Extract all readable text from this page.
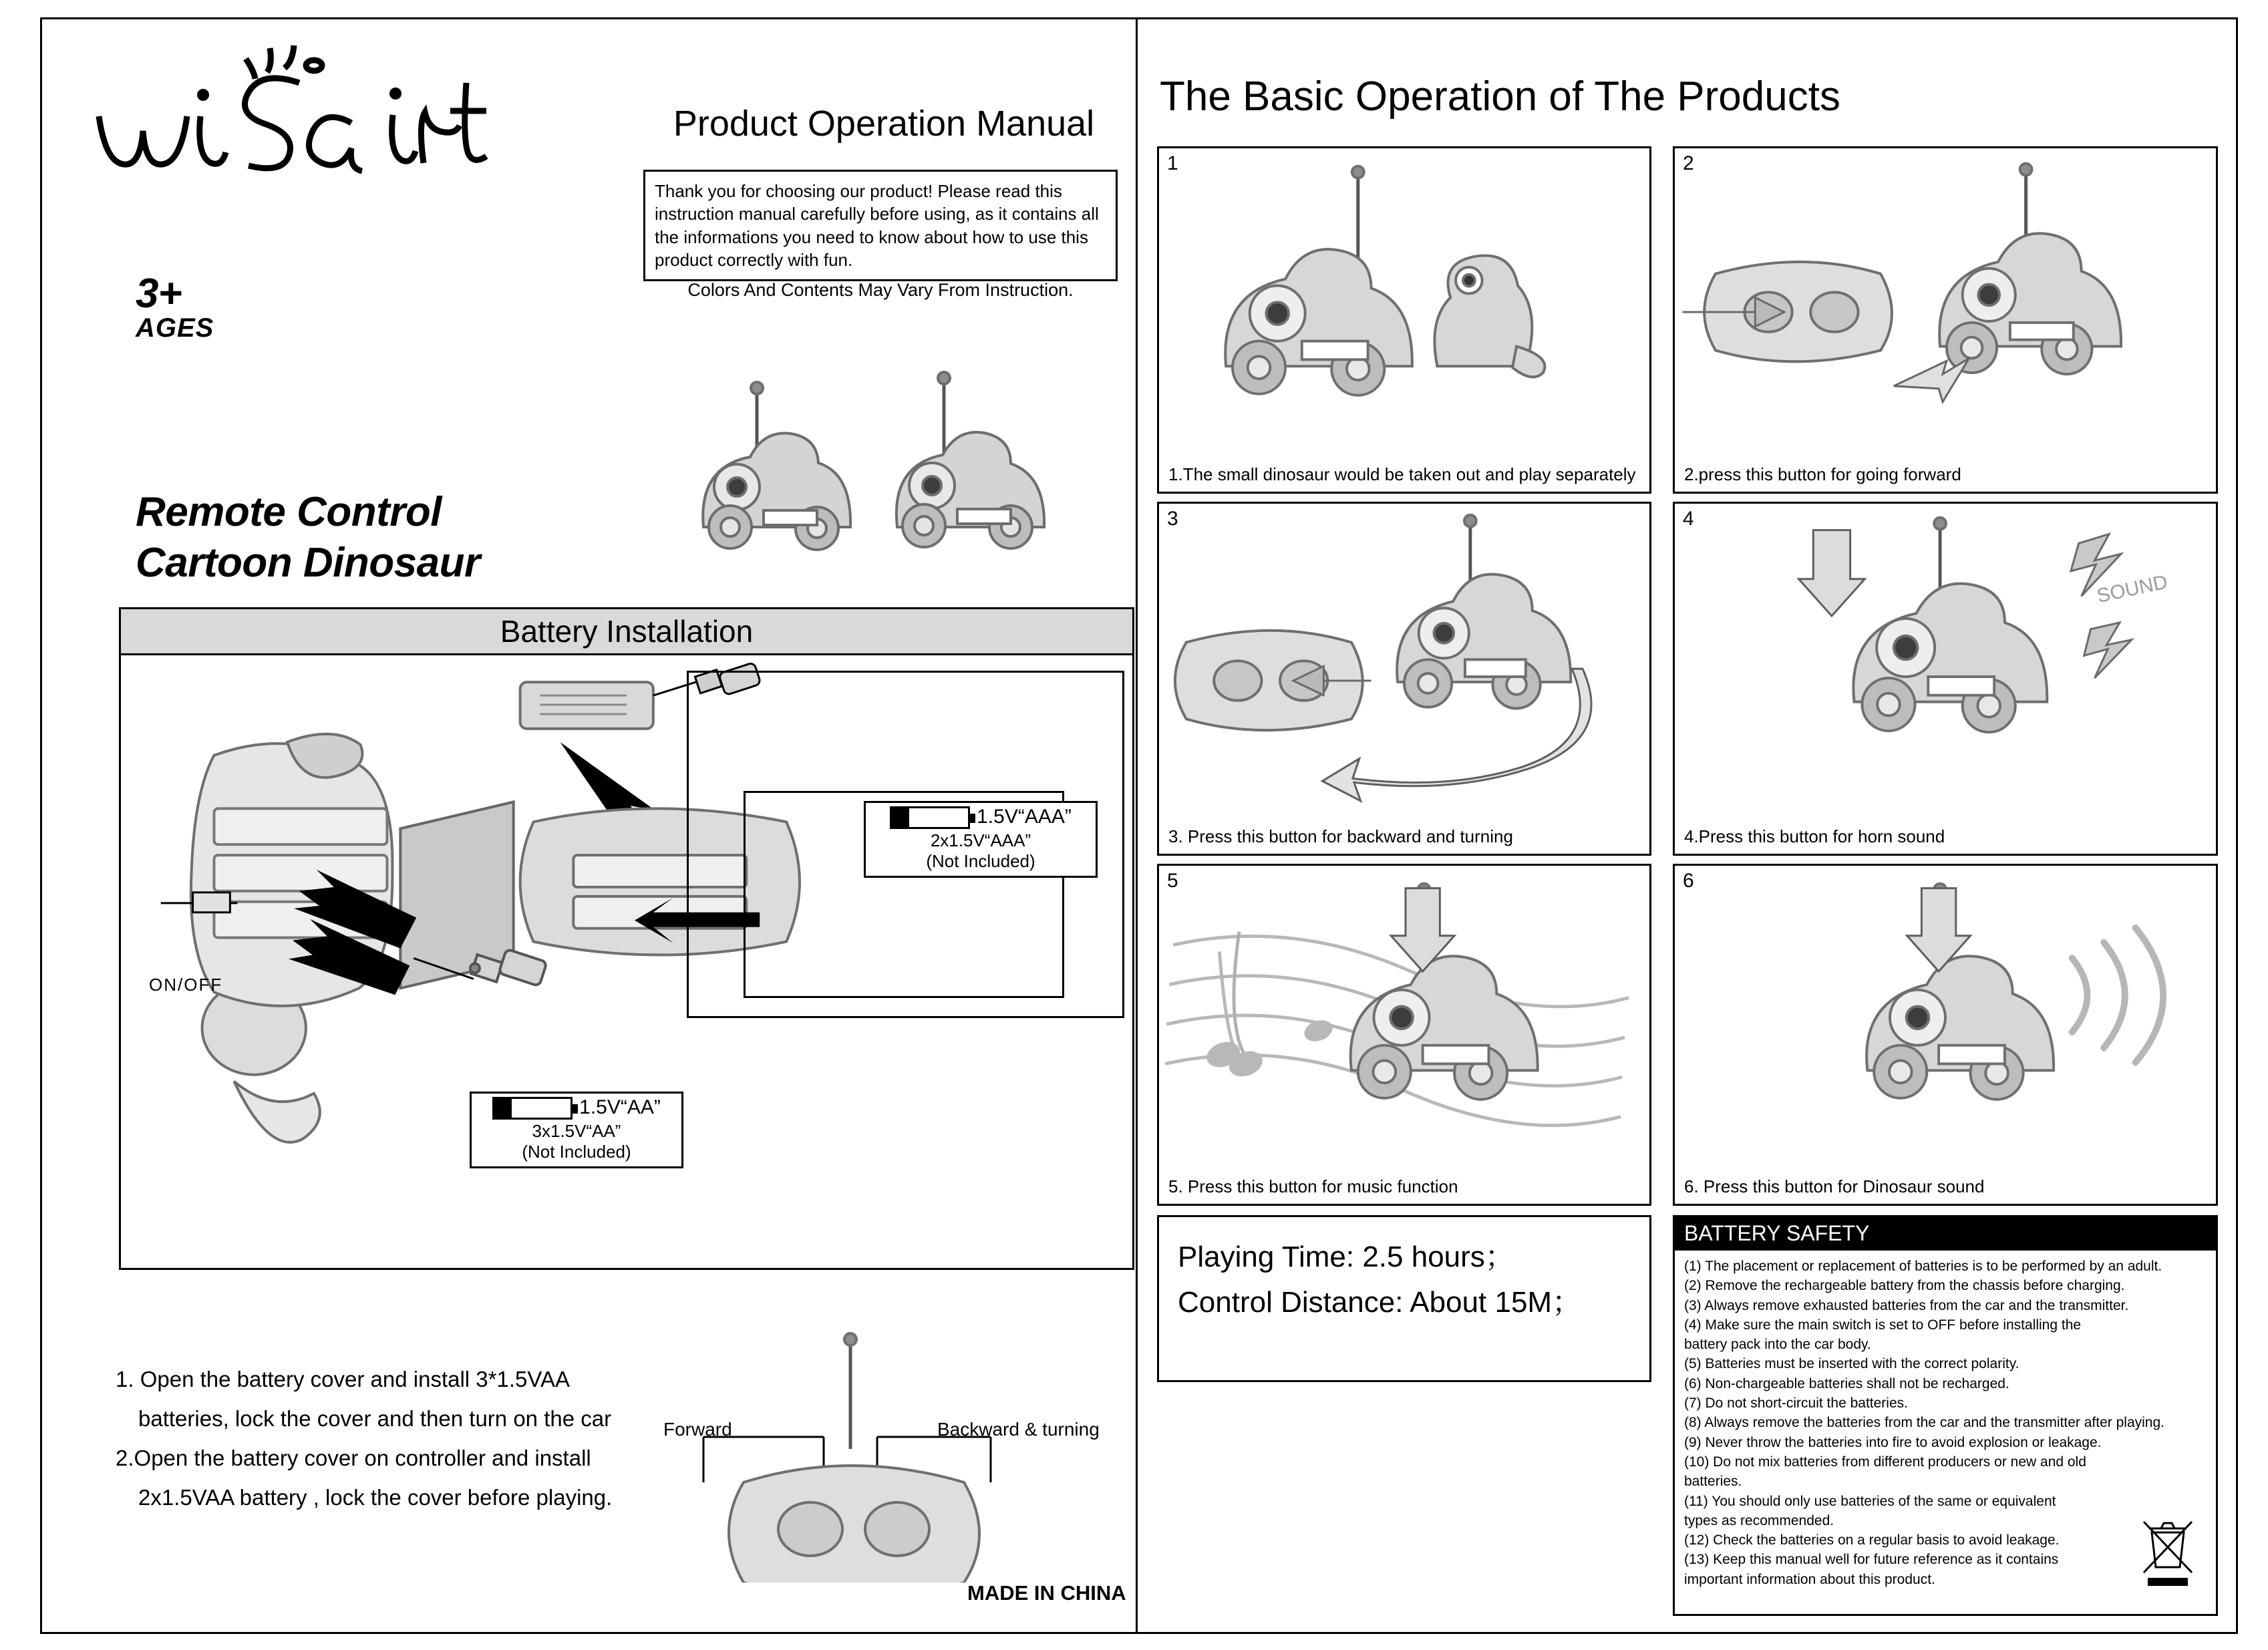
wisairt
3+
AGES
Product Operation Manual
Thank you for choosing our product! Please read this instruction manual carefully before using, as it contains all the informations you need to know about how to use this product correctly with fun.
Colors And Contents May Vary From Instruction.
Remote Control
Cartoon Dinosaur
Battery Installation
ON/OFF
1.5V“AAA”
2x1.5V“AAA”
(Not Included)
1.5V“AA”
3x1.5V“AA”
(Not Included)

1. Open the battery cover and install 3*1.5VAA

batteries, lock the cover and then turn on the car

2.Open the battery cover on controller and install

2x1.5VAA battery , lock the cover before playing.

Forward	Backward & turning
MADE IN CHINA
The Basic Operation of The Products
1
1.The small dinosaur would be taken out and play separately
2
2.press this button for going forward
3
3. Press this button for backward and turning
4
SOUND
4.Press this button for horn sound
5
5. Press this button for music function
6
6. Press this button for Dinosaur sound
Playing Time: 2.5 hours；
Control Distance: About 15M；
BATTERY SAFETY
(1) The placement or replacement of batteries is to be performed by an adult.
(2) Remove the rechargeable battery from the chassis before charging.
(3) Always remove exhausted batteries from the car and the transmitter.
(4) Make sure the main switch is set to OFF before installing the
battery pack into the car body.
(5) Batteries must be inserted with the correct polarity.
(6) Non-chargeable batteries shall not be recharged.
(7) Do not short-circuit the batteries.
(8) Always remove the batteries from the car and the transmitter after playing.
(9) Never throw the batteries into fire to avoid explosion or leakage.
(10) Do not mix batteries from different producers or new and old
batteries.
(11) You should only use batteries of the same or equivalent
types as recommended.
(12) Check the batteries on a regular basis to avoid leakage.
(13) Keep this manual well for future reference as it contains
important information about this product.
